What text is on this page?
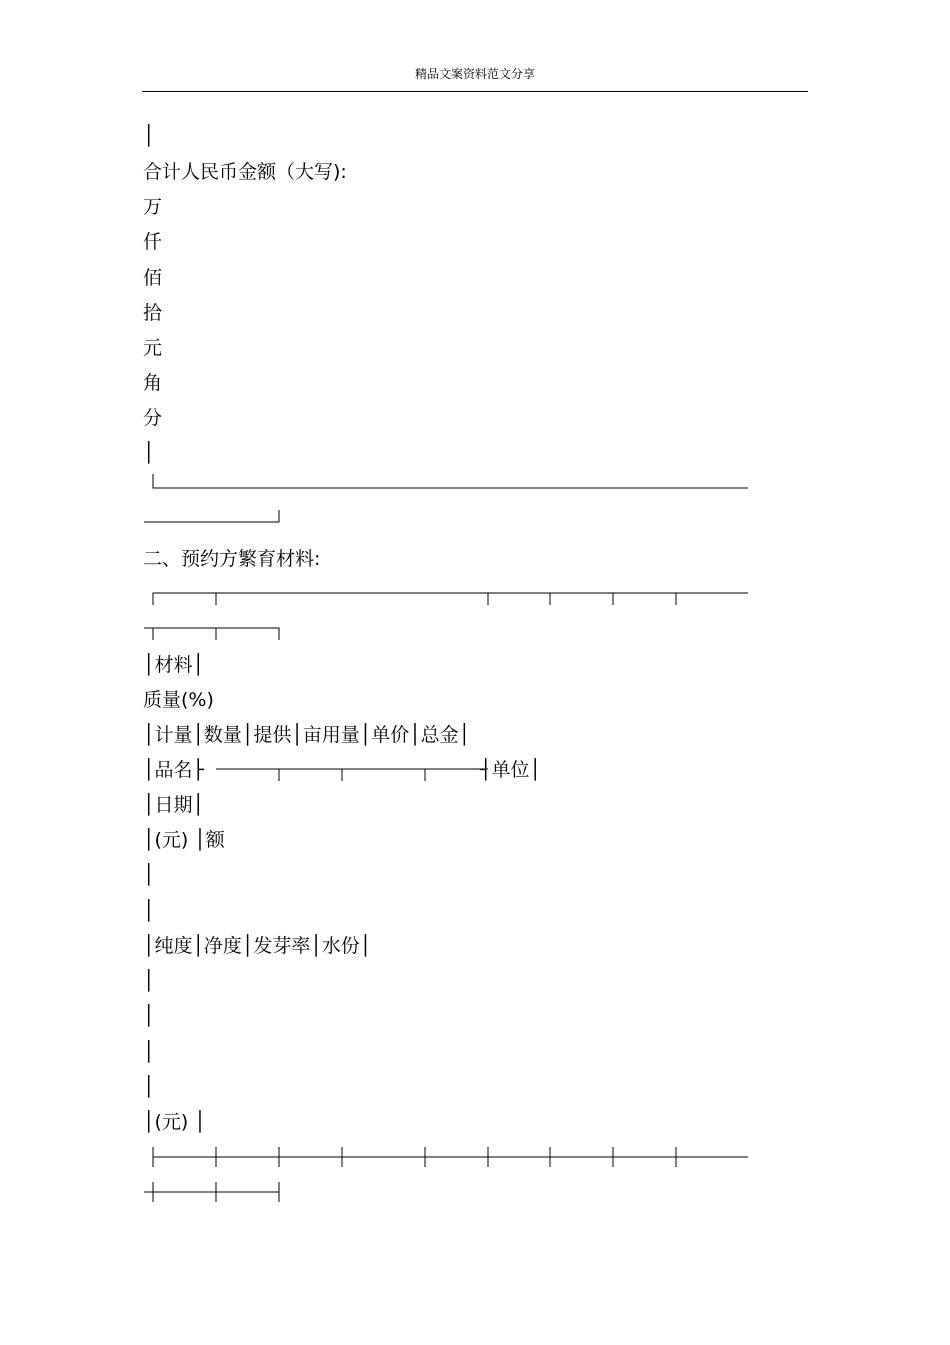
精品文案资料范文分享
│
合计人民币金额（大写):
万
仟
佰
拾
元
角
分
│
二、预约方繁育材料:
│材料│
质量(%)
│计量│数量│提供│亩用量│单价│总金│
│品名├	┤单位│
│日期│
│(元) │额
│
│
│纯度│净度│发芽率│水份│
│
│
│
│
│(元) │
